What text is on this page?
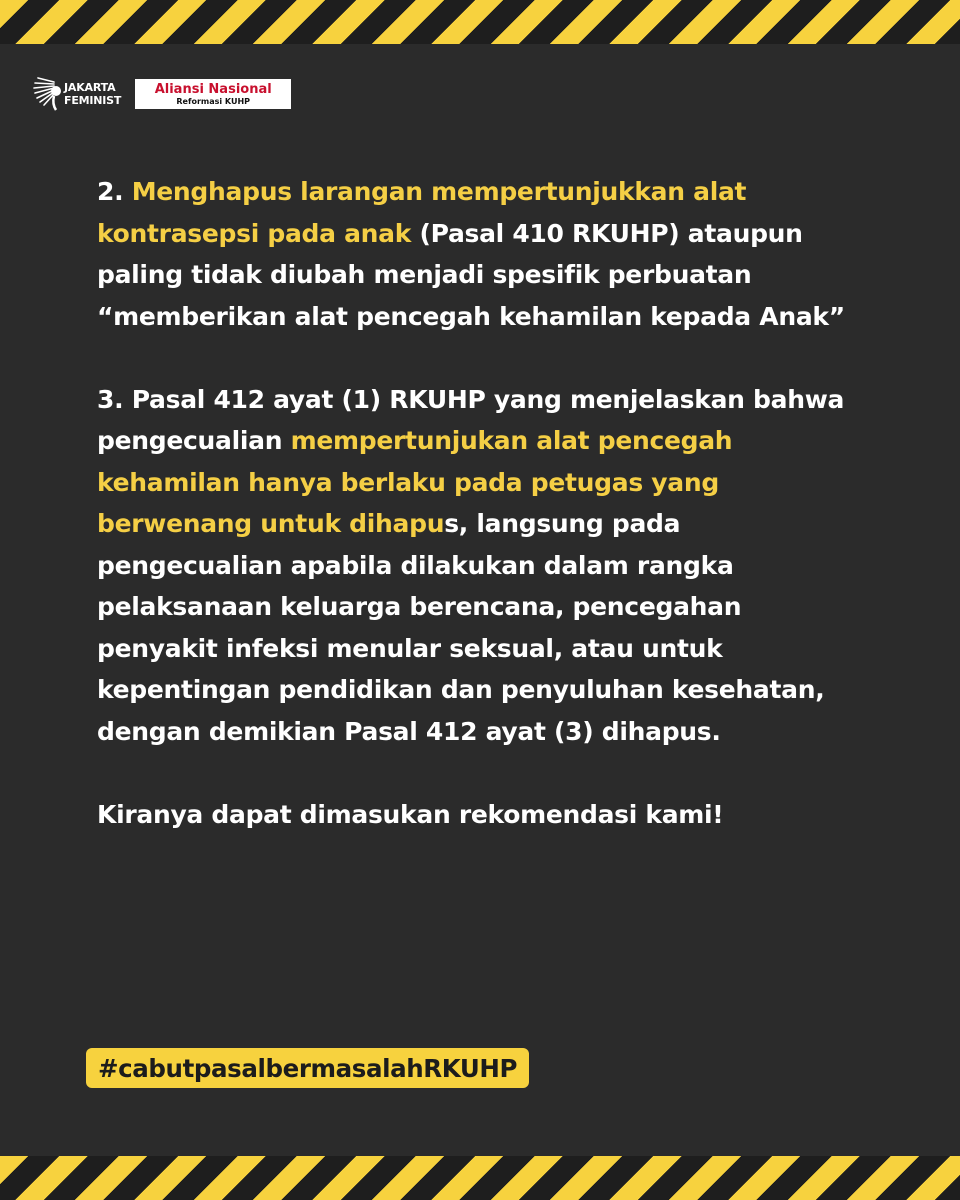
JAKARTA
FEMINIST
Aliansi Nasional
Reformasi KUHP

2. Menghapus larangan mempertunjukkan alat

kontrasepsi pada anak (Pasal 410 RKUHP) ataupun

paling tidak diubah menjadi spesifik perbuatan

“memberikan alat pencegah kehamilan kepada Anak”

3. Pasal 412 ayat (1) RKUHP yang menjelaskan bahwa

pengecualian mempertunjukan alat pencegah

kehamilan hanya berlaku pada petugas yang

berwenang untuk dihapus, langsung pada

pengecualian apabila dilakukan dalam rangka

pelaksanaan keluarga berencana, pencegahan

penyakit infeksi menular seksual, atau untuk

kepentingan pendidikan dan penyuluhan kesehatan,

dengan demikian Pasal 412 ayat (3) dihapus.

Kiranya dapat dimasukan rekomendasi kami!

#cabutpasalbermasalahRKUHP
